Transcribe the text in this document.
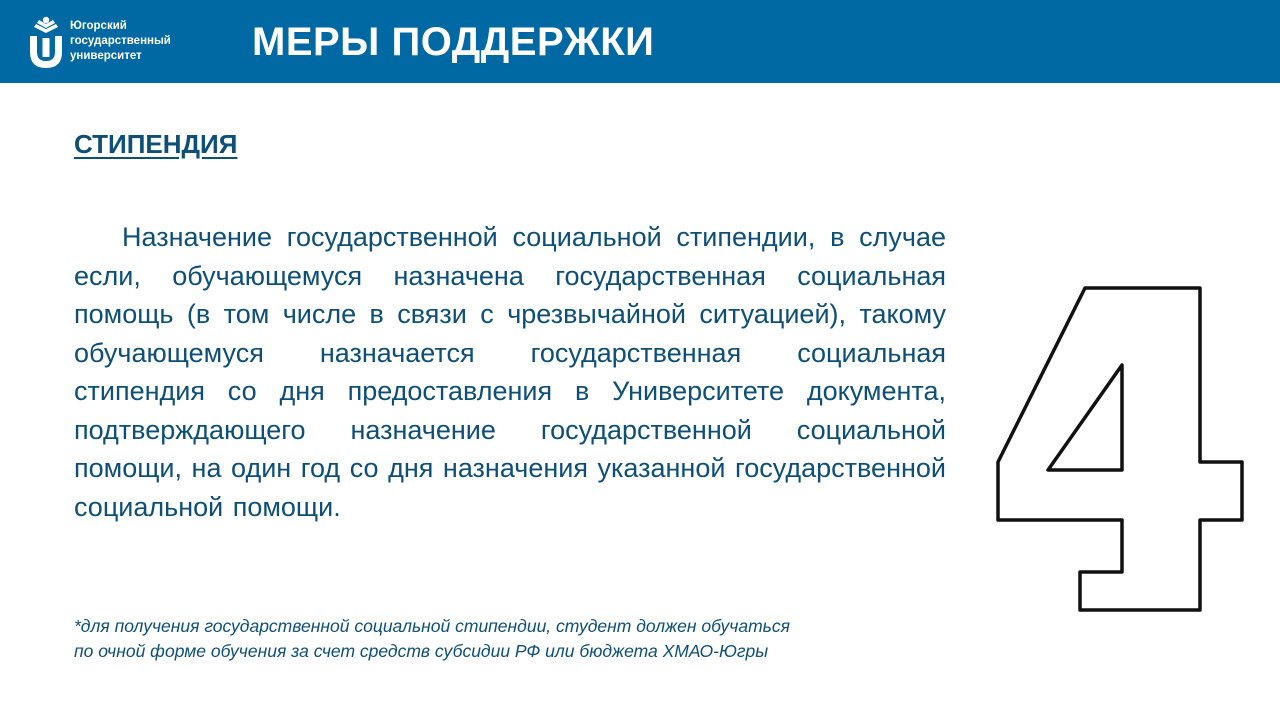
Югорский
государственный
университет	МЕРЫ ПОДДЕРЖКИ
СТИПЕНДИЯ
Назначение государственной социальной стипендии, в случае если, обучающемуся назначена государственная социальная помощь (в том числе в связи с чрезвычайной ситуацией), такому обучающемуся назначается государственная социальная стипендия со дня предоставления в Университете документа, подтверждающего назначение государственной социальной помощи, на один год со дня назначения указанной государственной социальной помощи.
*для получения государственной социальной стипендии, студент должен обучаться
по очной форме обучения за счет средств субсидии РФ или бюджета ХМАО-Югры
